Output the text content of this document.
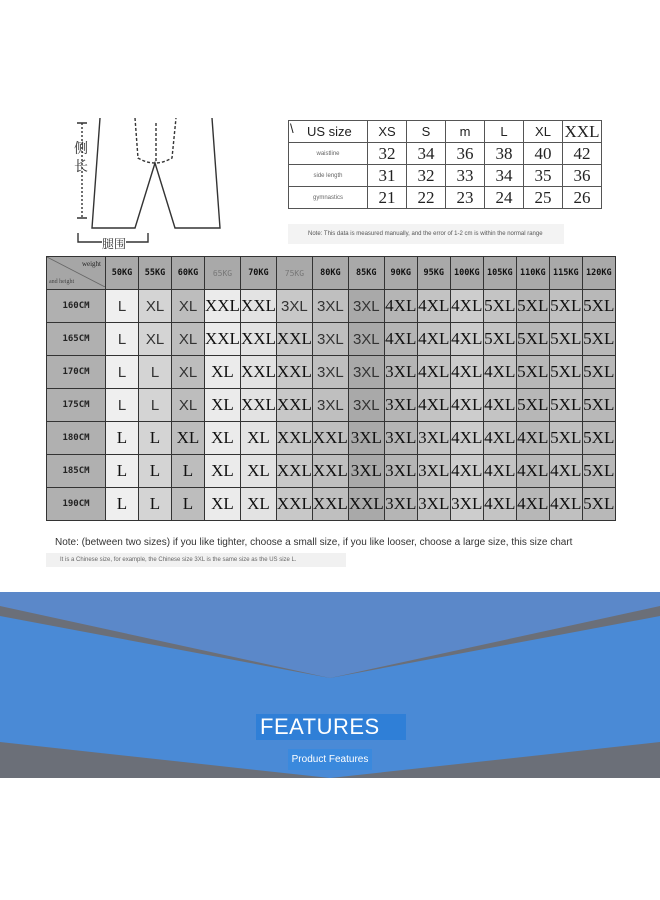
侧长
腿围
\ US size	XS	S	m	L	XL	XXL
waistline	32	34	36	38	40	42
side length	31	32	33	34	35	36
gymnastics	21	22	23	24	25	26
Note: This data is measured manually, and the error of 1-2 cm is within the normal range
weight
and height	50KG	55KG	60KG	65KG	70KG	75KG	80KG	85KG	90KG	95KG	100KG	105KG	110KG	115KG	120KG
160CM	L	XL	XL	XXL	XXL	3XL	3XL	3XL	4XL	4XL	4XL	5XL	5XL	5XL	5XL
165CM	L	XL	XL	XXL	XXL	XXL	3XL	3XL	4XL	4XL	4XL	5XL	5XL	5XL	5XL
170CM	L	L	XL	XL	XXL	XXL	3XL	3XL	3XL	4XL	4XL	4XL	5XL	5XL	5XL
175CM	L	L	XL	XL	XXL	XXL	3XL	3XL	3XL	4XL	4XL	4XL	5XL	5XL	5XL
180CM	L	L	XL	XL	XL	XXL	XXL	3XL	3XL	3XL	4XL	4XL	4XL	5XL	5XL
185CM	L	L	L	XL	XL	XXL	XXL	3XL	3XL	3XL	4XL	4XL	4XL	4XL	5XL
190CM	L	L	L	XL	XL	XXL	XXL	XXL	3XL	3XL	3XL	4XL	4XL	4XL	5XL
Note: (between two sizes) if you like tighter, choose a small size, if you like looser, choose a large size, this size chart
It is a Chinese size, for example, the Chinese size 3XL is the same size as the US size L.
FEATURES
Product Features
